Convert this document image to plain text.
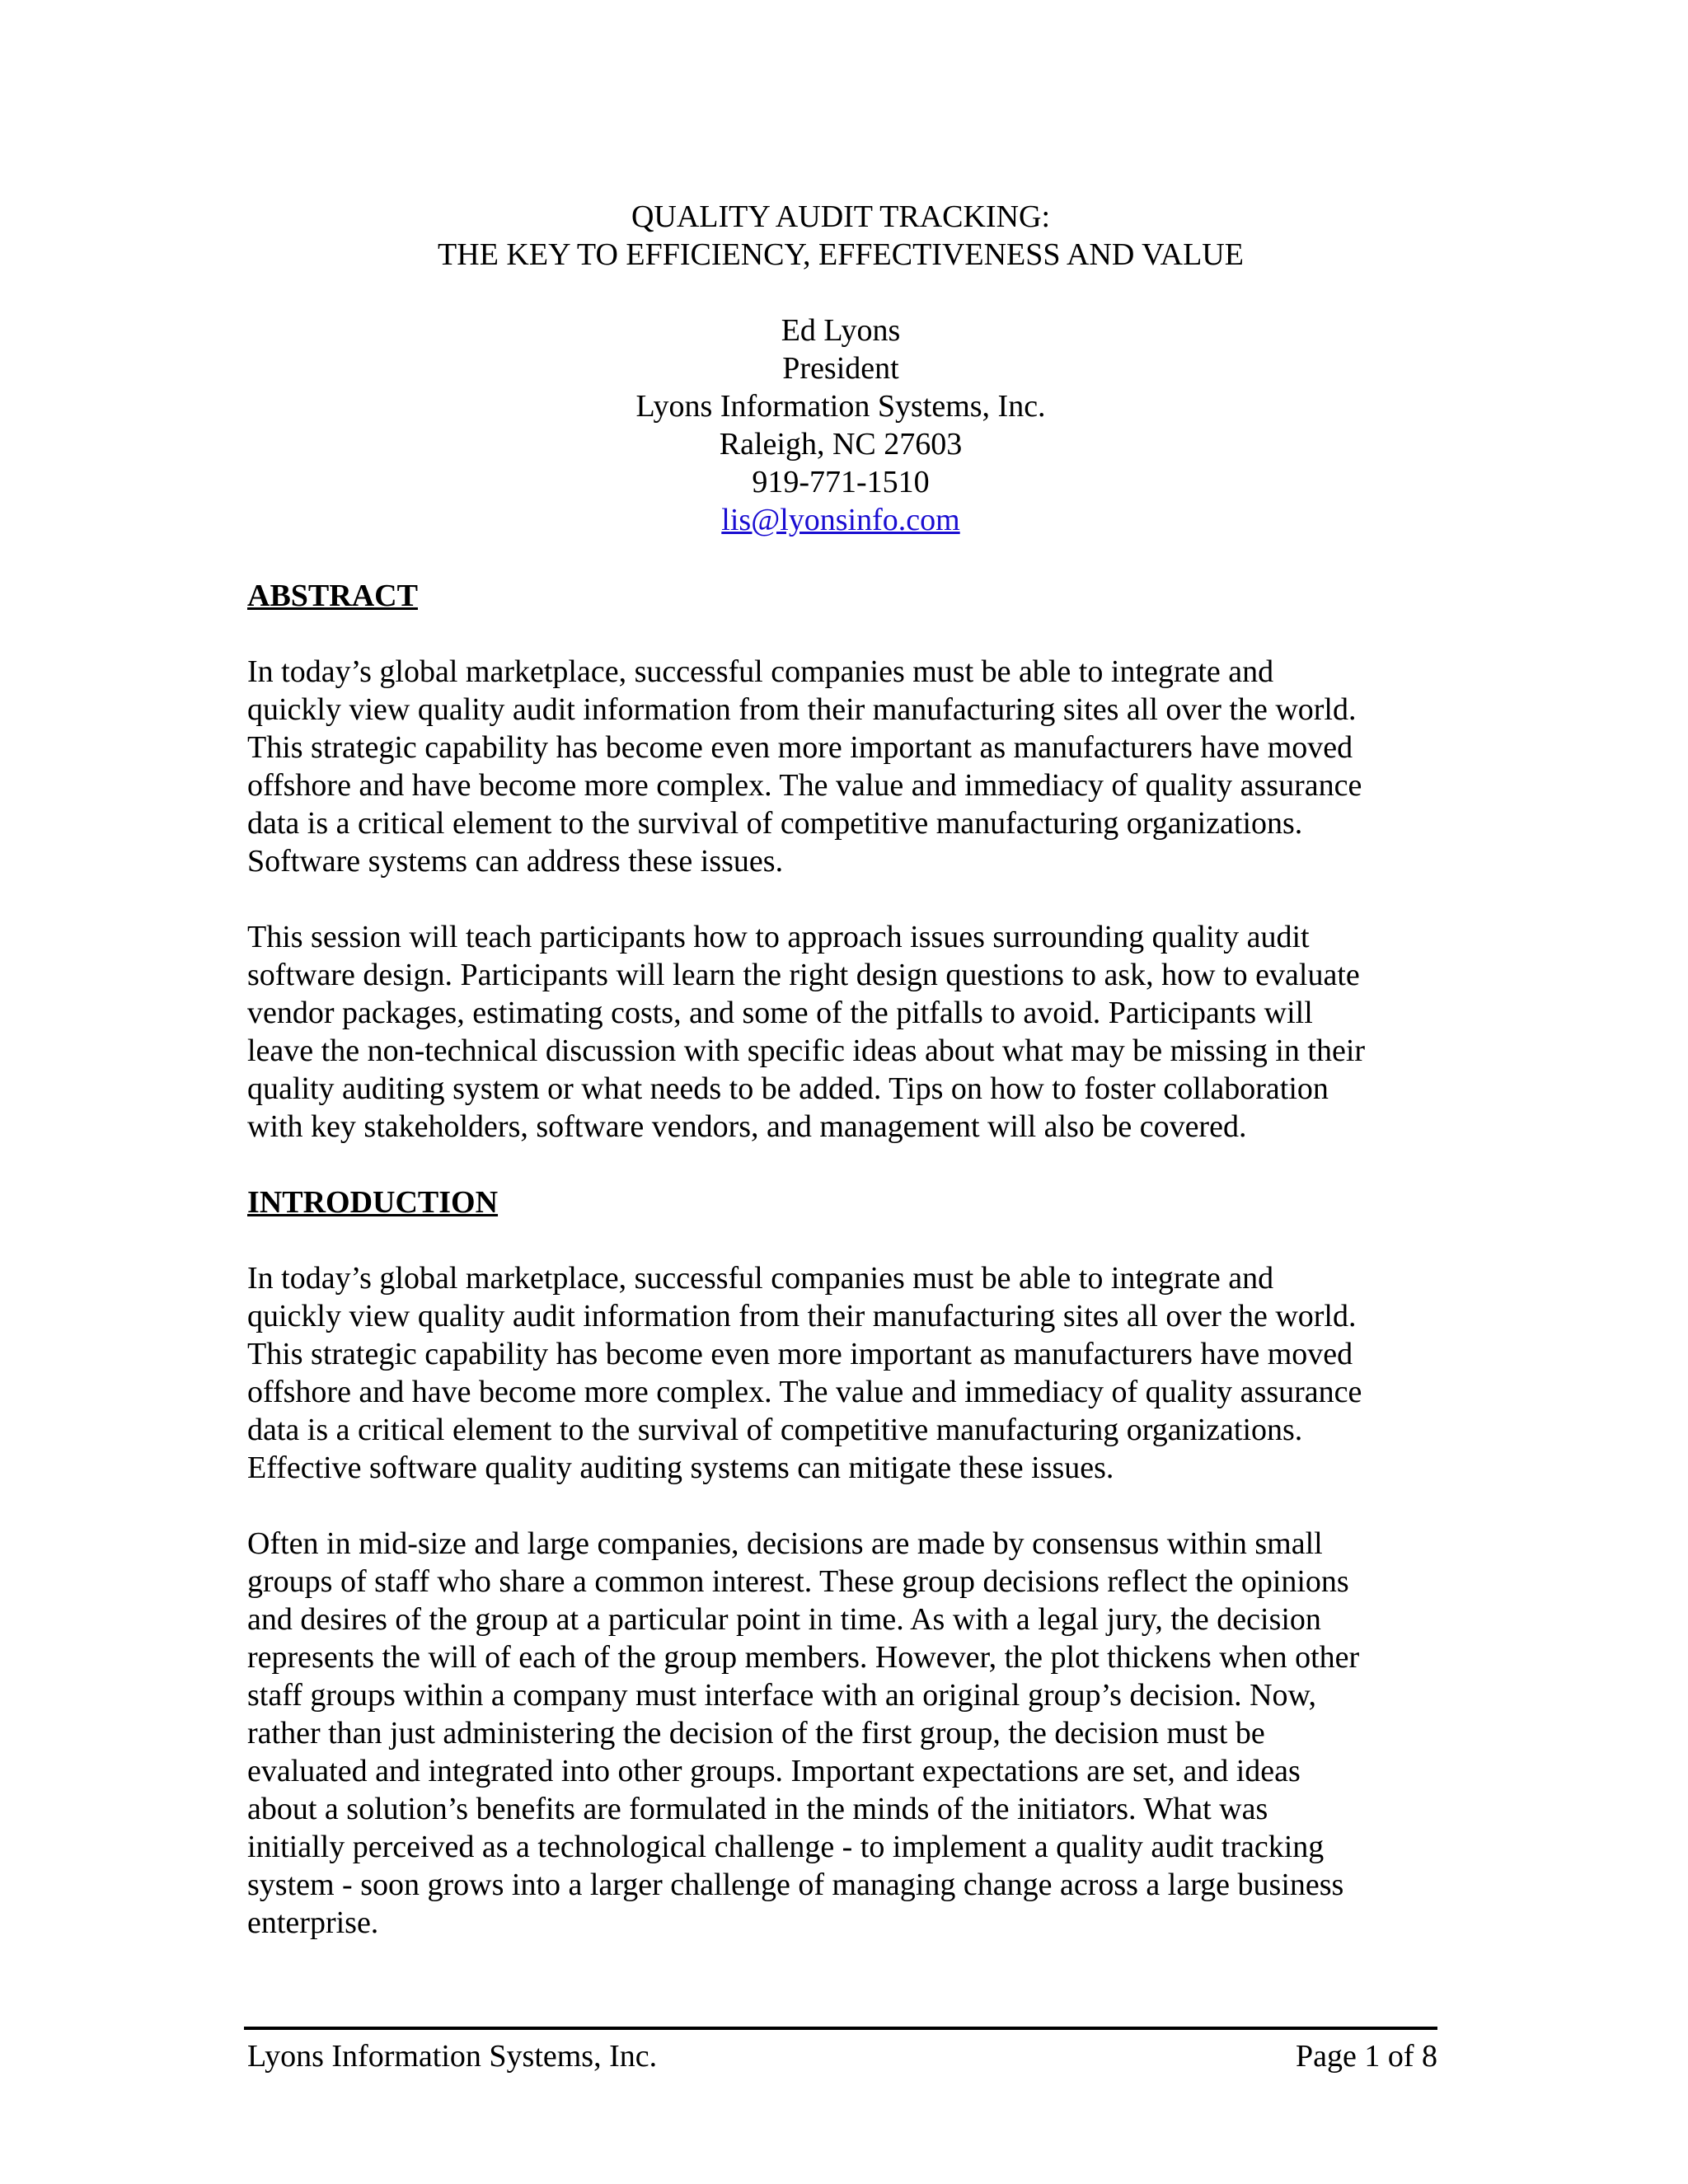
QUALITY AUDIT TRACKING:

THE KEY TO EFFICIENCY, EFFECTIVENESS AND VALUE

Ed Lyons
President
Lyons Information Systems, Inc.
Raleigh, NC 27603
919-771-1510
lis@lyonsinfo.com

ABSTRACT

In today’s global marketplace, successful companies must be able to integrate and
quickly view quality audit information from their manufacturing sites all over the world.
This strategic capability has become even more important as manufacturers have moved
offshore and have become more complex. The value and immediacy of quality assurance
data is a critical element to the survival of competitive manufacturing organizations.
Software systems can address these issues.
This session will teach participants how to approach issues surrounding quality audit
software design. Participants will learn the right design questions to ask, how to evaluate
vendor packages, estimating costs, and some of the pitfalls to avoid. Participants will
leave the non-technical discussion with specific ideas about what may be missing in their
quality auditing system or what needs to be added. Tips on how to foster collaboration
with key stakeholders, software vendors, and management will also be covered.

INTRODUCTION

In today’s global marketplace, successful companies must be able to integrate and
quickly view quality audit information from their manufacturing sites all over the world.
This strategic capability has become even more important as manufacturers have moved
offshore and have become more complex. The value and immediacy of quality assurance
data is a critical element to the survival of competitive manufacturing organizations.
Effective software quality auditing systems can mitigate these issues.
Often in mid-size and large companies, decisions are made by consensus within small
groups of staff who share a common interest. These group decisions reflect the opinions
and desires of the group at a particular point in time. As with a legal jury, the decision
represents the will of each of the group members. However, the plot thickens when other
staff groups within a company must interface with an original group’s decision. Now,
rather than just administering the decision of the first group, the decision must be
evaluated and integrated into other groups. Important expectations are set, and ideas
about a solution’s benefits are formulated in the minds of the initiators. What was
initially perceived as a technological challenge - to implement a quality audit tracking
system - soon grows into a larger challenge of managing change across a large business
enterprise.
Lyons Information Systems, Inc.	Page 1 of 8
